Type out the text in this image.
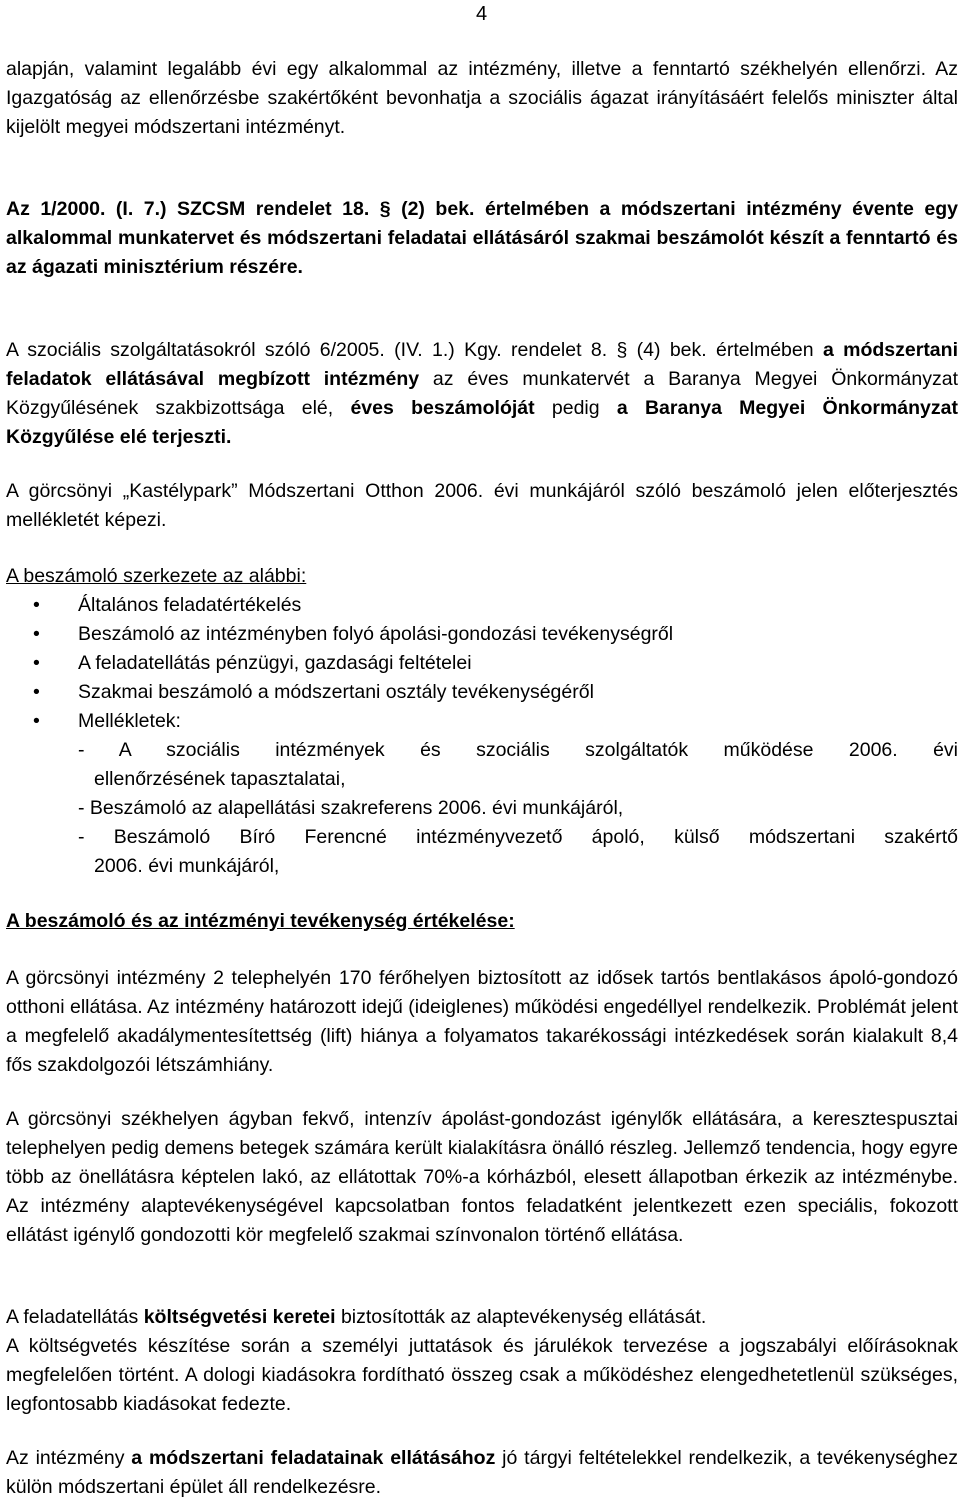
4

alapján, valamint legalább évi egy alkalommal az intézmény, illetve a fenntartó székhelyén ellenőrzi. Az Igazgatóság az ellenőrzésbe szakértőként bevonhatja a szociális ágazat irányításáért felelős miniszter által kijelölt megyei módszertani intézményt.

Az 1/2000. (I. 7.) SZCSM rendelet 18. § (2) bek. értelmében a módszertani intézmény évente egy alkalommal munkatervet és módszertani feladatai ellátásáról szakmai beszámolót készít a fenntartó és az ágazati minisztérium részére.

A szociális szolgáltatásokról szóló 6/2005. (IV. 1.) Kgy. rendelet 8. § (4) bek. értelmében a módszertani feladatok ellátásával megbízott intézmény az éves munkatervét a Baranya Megyei Önkormányzat Közgyűlésének szakbizottsága elé, éves beszámolóját pedig a Baranya Megyei Önkormányzat Közgyűlése elé terjeszti.

A görcsönyi „Kastélypark” Módszertani Otthon 2006. évi munkájáról szóló beszámoló jelen előterjesztés mellékletét képezi.

A beszámoló szerkezete az alábbi:

• Általános feladatértékelés
• Beszámoló az intézményben folyó ápolási-gondozási tevékenységről
• A feladatellátás pénzügyi, gazdasági feltételei
• Szakmai beszámoló a módszertani osztály tevékenységéről
• Mellékletek:
- A szociális intézmények és szociális szolgáltatók működése 2006. évi
ellenőrzésének tapasztalatai,
- Beszámoló az alapellátási szakreferens 2006. évi munkájáról,
- Beszámoló Bíró Ferencné intézményvezető ápoló, külső módszertani szakértő
2006. évi munkájáról,

A beszámoló és az intézményi tevékenység értékelése:

A görcsönyi intézmény 2 telephelyén 170 férőhelyen biztosított az idősek tartós bentlakásos ápoló-gondozó otthoni ellátása. Az intézmény határozott idejű (ideiglenes) működési engedéllyel rendelkezik. Problémát jelent a megfelelő akadálymentesítettség (lift) hiánya a folyamatos takarékossági intézkedések során kialakult 8,4 fős szakdolgozói létszámhiány.

A görcsönyi székhelyen ágyban fekvő, intenzív ápolást-gondozást igénylők ellátására, a keresztespusztai telephelyen pedig demens betegek számára került kialakításra önálló részleg. Jellemző tendencia, hogy egyre több az önellátásra képtelen lakó, az ellátottak 70%-a kórházból, elesett állapotban érkezik az intézménybe. Az intézmény alaptevékenységével kapcsolatban fontos feladatként jelentkezett ezen speciális, fokozott ellátást igénylő gondozotti kör megfelelő szakmai színvonalon történő ellátása.

A feladatellátás költségvetési keretei biztosították az alaptevékenység ellátását.

A költségvetés készítése során a személyi juttatások és járulékok tervezése a jogszabályi előírásoknak megfelelően történt. A dologi kiadásokra fordítható összeg csak a működéshez elengedhetetlenül szükséges, legfontosabb kiadásokat fedezte.

Az intézmény a módszertani feladatainak ellátásához jó tárgyi feltételekkel rendelkezik, a tevékenységhez külön módszertani épület áll rendelkezésre.
